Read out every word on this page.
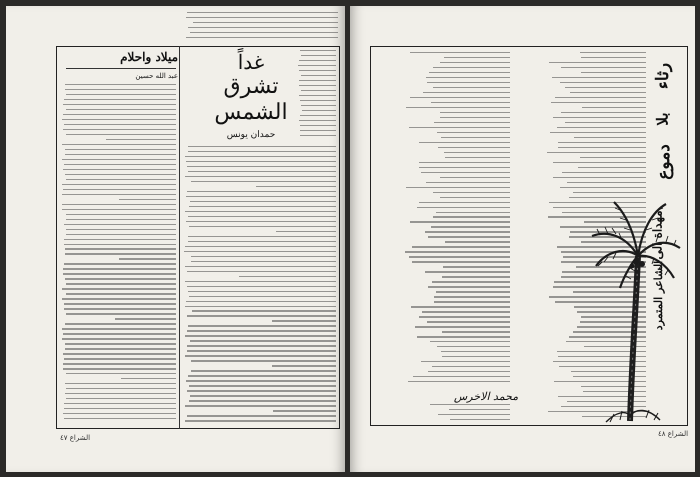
غداً
تشرق
الشمس
حمدان يونس
ميلاد واحلام
عبد الله حسين
الشراع ٤٧
رثاء
بلا
دموع
مهداة الى
الشاعر المتمرد
محمد الاخرس
الشراع ٤٨
